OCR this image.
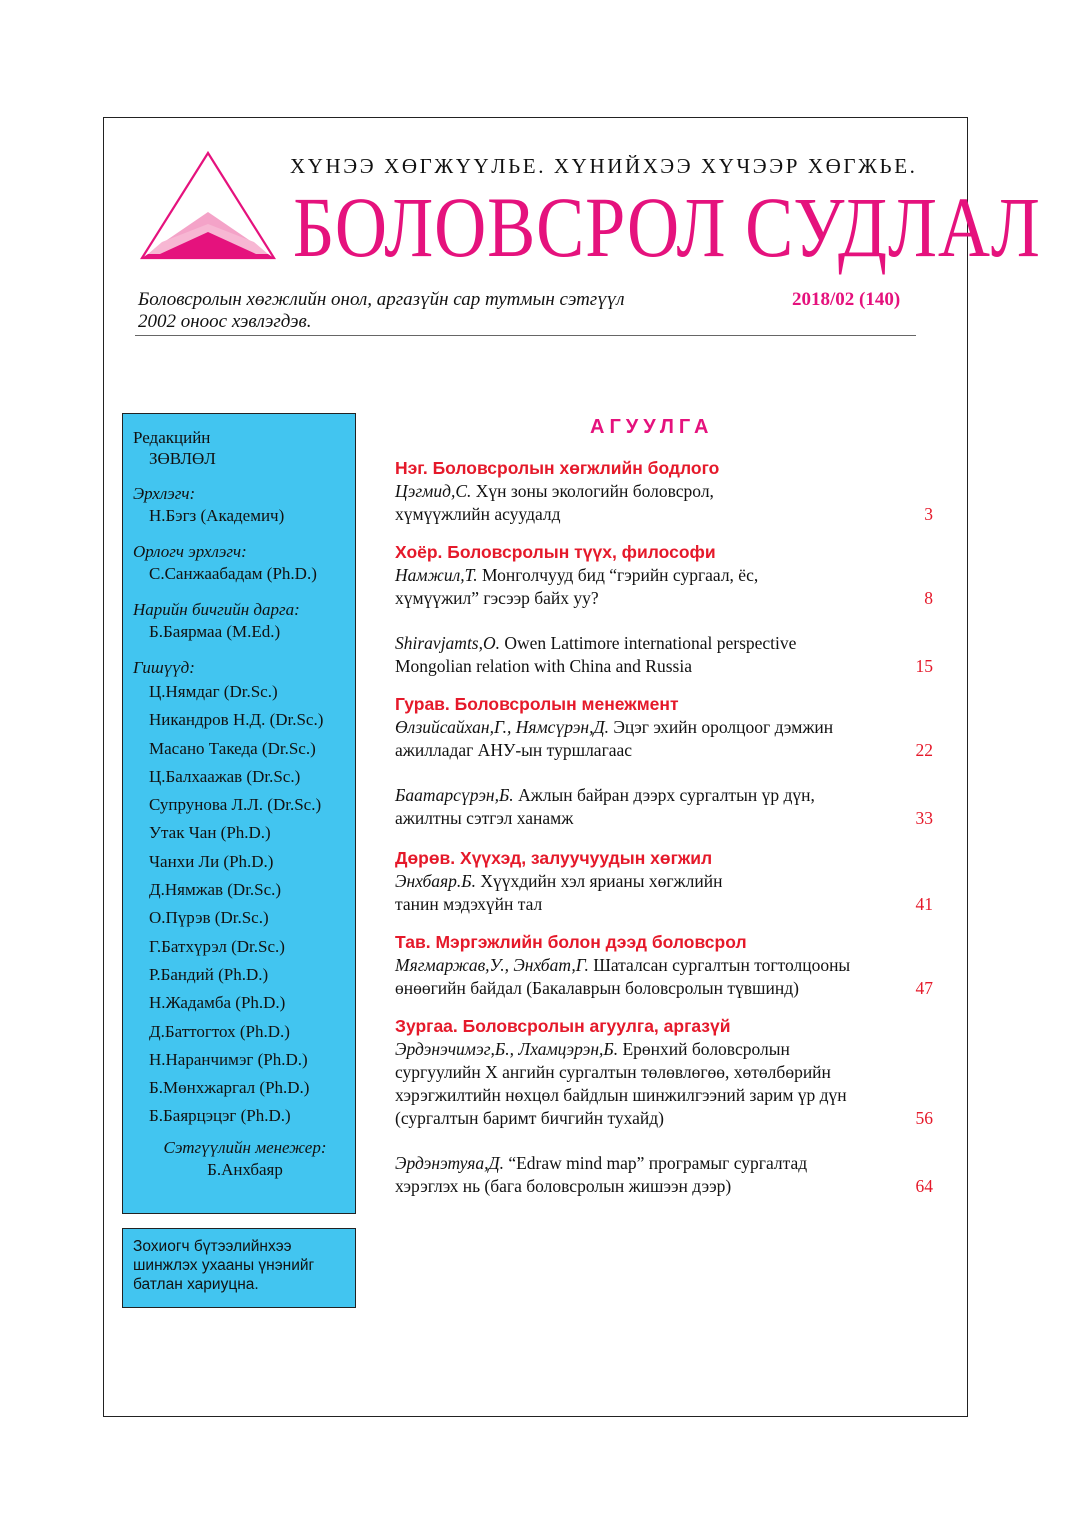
ХҮНЭЭ ХӨГЖҮҮЛЬЕ. ХҮНИЙХЭЭ ХҮЧЭЭР ХӨГЖЬЕ.
БОЛОВСРОЛ СУДЛАЛ
Боловсролын хөгжлийн онол, аргазүйн сар тутмын сэтгүүл
2002 оноос хэвлэгдэв.
2018/02 (140)
Редакцийн
ЗӨВЛӨЛ
Эрхлэгч:
Н.Бэгз (Академич)
Орлогч эрхлэгч:
С.Санжаабадам (Ph.D.)
Нарийн бичгийн дарга:
Б.Баярмаа (M.Ed.)
Гишүүд:
Ц.Нямдаг (Dr.Sc.)
Никандров Н.Д. (Dr.Sc.)
Масано Такеда (Dr.Sc.)
Ц.Балхаажав (Dr.Sc.)
Супрунова Л.Л. (Dr.Sc.)
Утак Чан (Ph.D.)
Чанхи Ли (Ph.D.)
Д.Нямжав (Dr.Sc.)
О.Пүрэв (Dr.Sc.)
Г.Батхүрэл (Dr.Sc.)
Р.Бандий (Ph.D.)
Н.Жадамба (Ph.D.)
Д.Баттогтох (Ph.D.)
Н.Наранчимэг (Ph.D.)
Б.Мөнхжаргал (Ph.D.)
Б.Баярцэцэг (Ph.D.)
Сэтгүүлийн менежер:
Б.Анхбаяр
Зохиогч бүтээлийнхээ шинжлэх ухааны үнэнийг батлан хариуцна.
АГУУЛГА
Нэг. Боловсролын хөгжлийн бодлого
Цэгмид,С. Хүн зоны экологийн боловсрол,
хүмүүжлийн асуудалд	3
Хоёр. Боловсролын түүх, философи
Намжил,Т. Монголчууд бид “гэрийн сургаал, ёс,
хүмүүжил” гэсээр байх уу?	8
Shiravjamts,O. Owen Lattimore international perspective
Mongolian relation with China and Russia	15
Гурав. Боловсролын менежмент
Өлзийсайхан,Г., Нямсүрэн,Д. Эцэг эхийн оролцоог дэмжин
ажилладаг АНУ-ын туршлагаас	22
Баатарсүрэн,Б. Ажлын байран дээрх сургалтын үр дүн,
ажилтны сэтгэл ханамж	33
Дөрөв. Хүүхэд, залуучуудын хөгжил
Энхбаяр.Б. Хүүхдийн хэл ярианы хөгжлийн
танин мэдэхүйн тал	41
Тав. Мэргэжлийн болон дээд боловсрол
Мягмаржав,У., Энхбат,Г. Шаталсан сургалтын тогтолцооны
өнөөгийн байдал (Бакалаврын боловсролын түвшинд)	47
Зургаа. Боловсролын агуулга, аргазүй
Эрдэнэчимэг,Б., Лхамцэрэн,Б. Ерөнхий боловсролын
сургуулийн X ангийн сургалтын төлөвлөгөө, хөтөлбөрийн
хэрэгжилтийн нөхцөл байдлын шинжилгээний зарим үр дүн
(сургалтын баримт бичгийн тухайд)	56
Эрдэнэтуяа,Д. “Edraw mind map” програмыг сургалтад
хэрэглэх нь (бага боловсролын жишээн дээр)	64
